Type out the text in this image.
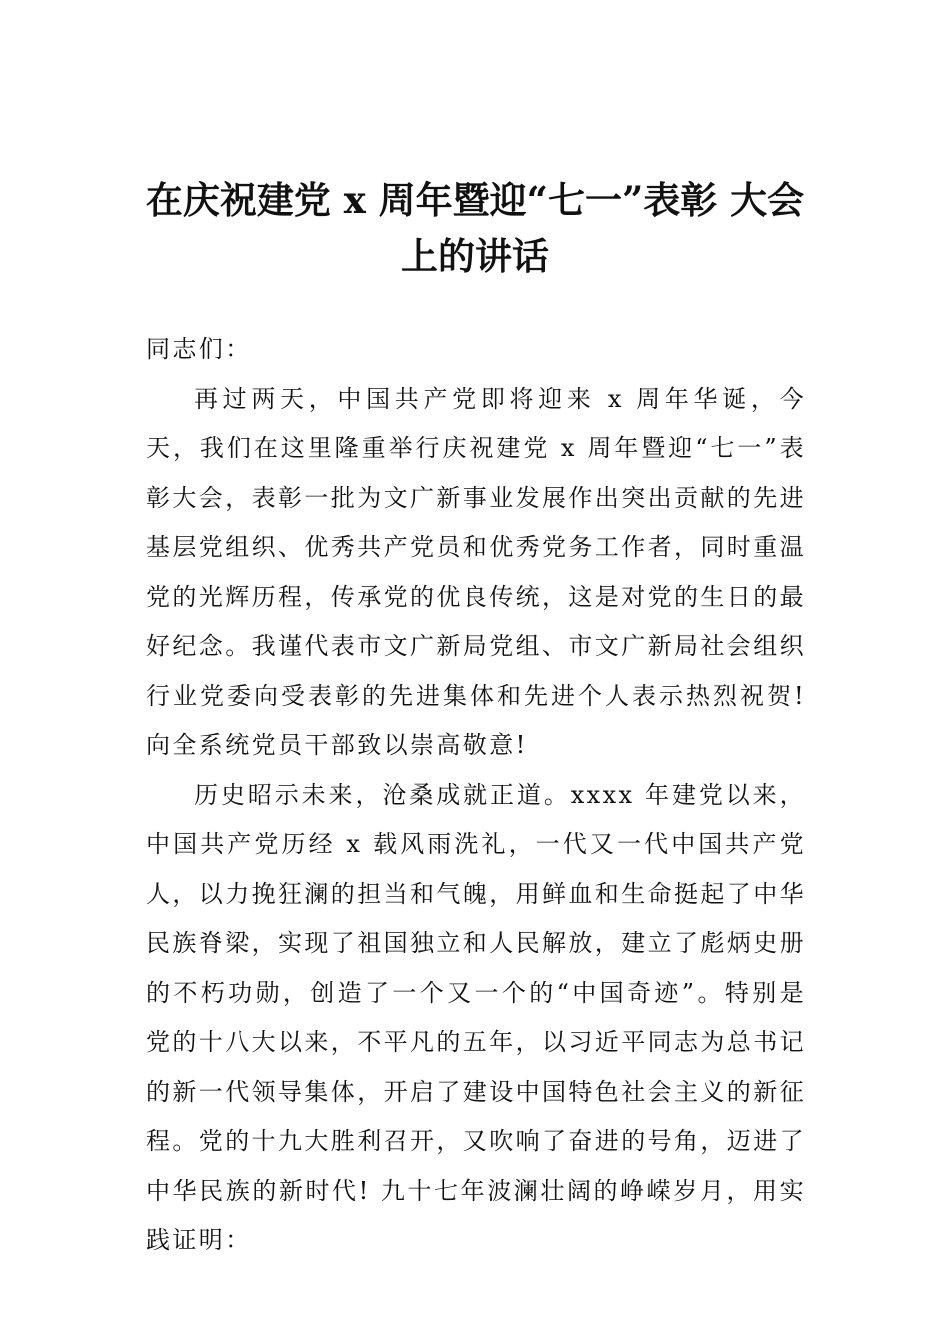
在庆祝建党 x 周年暨迎“七一”表彰 大会
上的讲话

同志们：

再过两天，中国共产党即将迎来 x 周年华诞，今天，我们在这里隆重举行庆祝建党 x 周年暨迎“七一”表彰大会，表彰一批为文广新事业发展作出突出贡献的先进基层党组织、优秀共产党员和优秀党务工作者，同时重温党的光辉历程，传承党的优良传统，这是对党的生日的最好纪念。我谨代表市文广新局党组、市文广新局社会组织行业党委向受表彰的先进集体和先进个人表示热烈祝贺!向全系统党员干部致以崇高敬意!

历史昭示未来，沧桑成就正道。xxxx 年建党以来，中国共产党历经 x 载风雨洗礼，一代又一代中国共产党人，以力挽狂澜的担当和气魄，用鲜血和生命挺起了中华民族脊梁，实现了祖国独立和人民解放，建立了彪炳史册的不朽功勋，创造了一个又一个的“中国奇迹”。特别是党的十八大以来，不平凡的五年，以习近平同志为总书记的新一代领导集体，开启了建设中国特色社会主义的新征程。党的十九大胜利召开，又吹响了奋进的号角，迈进了中华民族的新时代! 九十七年波澜壮阔的峥嵘岁月，用实践证明：
